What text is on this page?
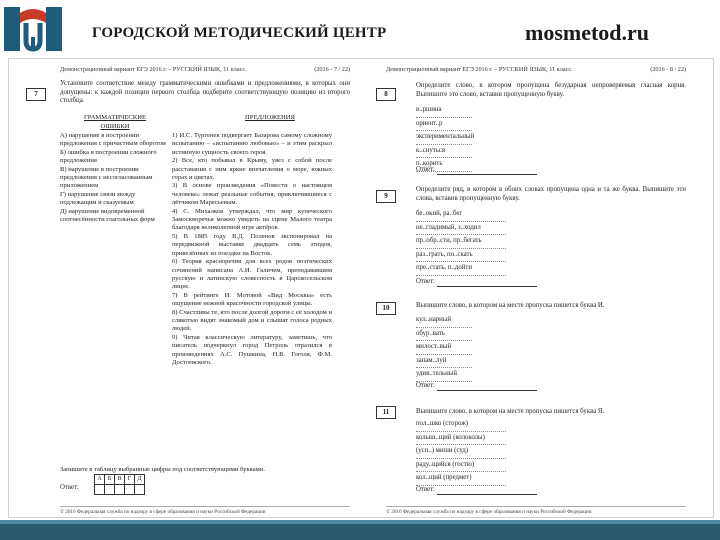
ГОРОДСКОЙ МЕТОДИЧЕСКИЙ ЦЕНТР	mosmetod.ru
Демонстрационный вариант ЕГЭ 2016 г. – РУССКИЙ ЯЗЫК, 11 класс.	(2016 - 7 / 22)
7
Установите соответствие между грамматическими ошибками и предложениями, в которых они допущены: к каждой позиции первого столбца подберите соответствующую позицию из второго столбца.
ГРАММАТИЧЕСКИЕ ОШИБКИ
ПРЕДЛОЖЕНИЯ
А) нарушение в построении предложения с причастным оборотом
Б) ошибка в построении сложного предложения
В) нарушение в построении предложения с несогласованным приложением
Г) нарушение связи между подлежащим и сказуемым
Д) нарушение видовременной соотнесённости глагольных форм
1) И.С. Тургенев подвергает Базарова самому сложному испытанию – «испытанию любовью» – и этим раскрыл истинную сущность своего героя.
2) Все, кто побывал в Крыму, увез с собой после расставания с ним яркие впечатления о море, южных горах и цветах.
3) В основе произведения «Повести о настоящем человеке» лежат реальные события, приключившиеся с лётчиком Маресьевым.
4) С. Михалков утверждал, что мир купеческого Замоскворечья можно увидеть на сцене Малого театра благодаря великолепной игре актёров.
5) В 1885 году В.Д. Поленов экспонировал на передвижной выставке двадцать семь этюдов, привезённых из поездки на Восток.
6) Теория красноречия для всех родов поэтических сочинений написана А.И. Галичем, преподававшим русскую и латинскую словесность в Царскосельском лицее.
7) В рейтинге И. Мотовой «Вид Москвы» есть ощущение нежной красочности городской улицы.
8) Счастливы те, кто после долгой дороги с её холодом и слякотью видят знакомый дом и слышат голоса родных людей.
9) Читая классическую литературу, заметишь, что писатель подчеркнул город Петроль отразился в произведениях А.С. Пушкина, Н.В. Гоголя, Ф.М. Достоевского.
Запишите в таблицу выбранные цифры под соответствующими буквами.
Ответ:
А	Б	В	Г	Д

© 2016 Федеральная служба по надзору в сфере образования и науки Российской Федерации
Демонстрационный вариант ЕГЭ 2016 г. – РУССКИЙ ЯЗЫК, 11 класс.	(2016 - 8 / 22)
8
Определите слово, в котором пропущена безударная непроверяемая гласная корня. Выпишите это слово, вставив пропущенную букву.
в..ршина
ориент..р
экспериментальный
к..снуться
п..корить
Ответ:
9
Определите ряд, в котором в обоих словах пропущена одна и та же буква. Выпишите эти слова, вставив пропущенную букву.
бе..окий, ра..бег
не..гладимый, з..ходил
пр..обр..сти, пр..бегать
раз..грать, по..скать
пре..стать, п..дойти
Ответ:
10	Выпишите слово, в котором на месте пропуска пишется буква И.
кул..нарный
обур..вать
милост..вый
запам..луй
удив..тельный
Ответ:
11	Выпишите слово, в котором на месте пропуска пишется буква Я.
пол..шко (сторож)
колыш..щий (колоколы)
(усп..) миши (суд)
раду..щийся (гостю)
кол..щий (предмет)
Ответ:
© 2016 Федеральная служба по надзору в сфере образования и науки Российской Федерации
